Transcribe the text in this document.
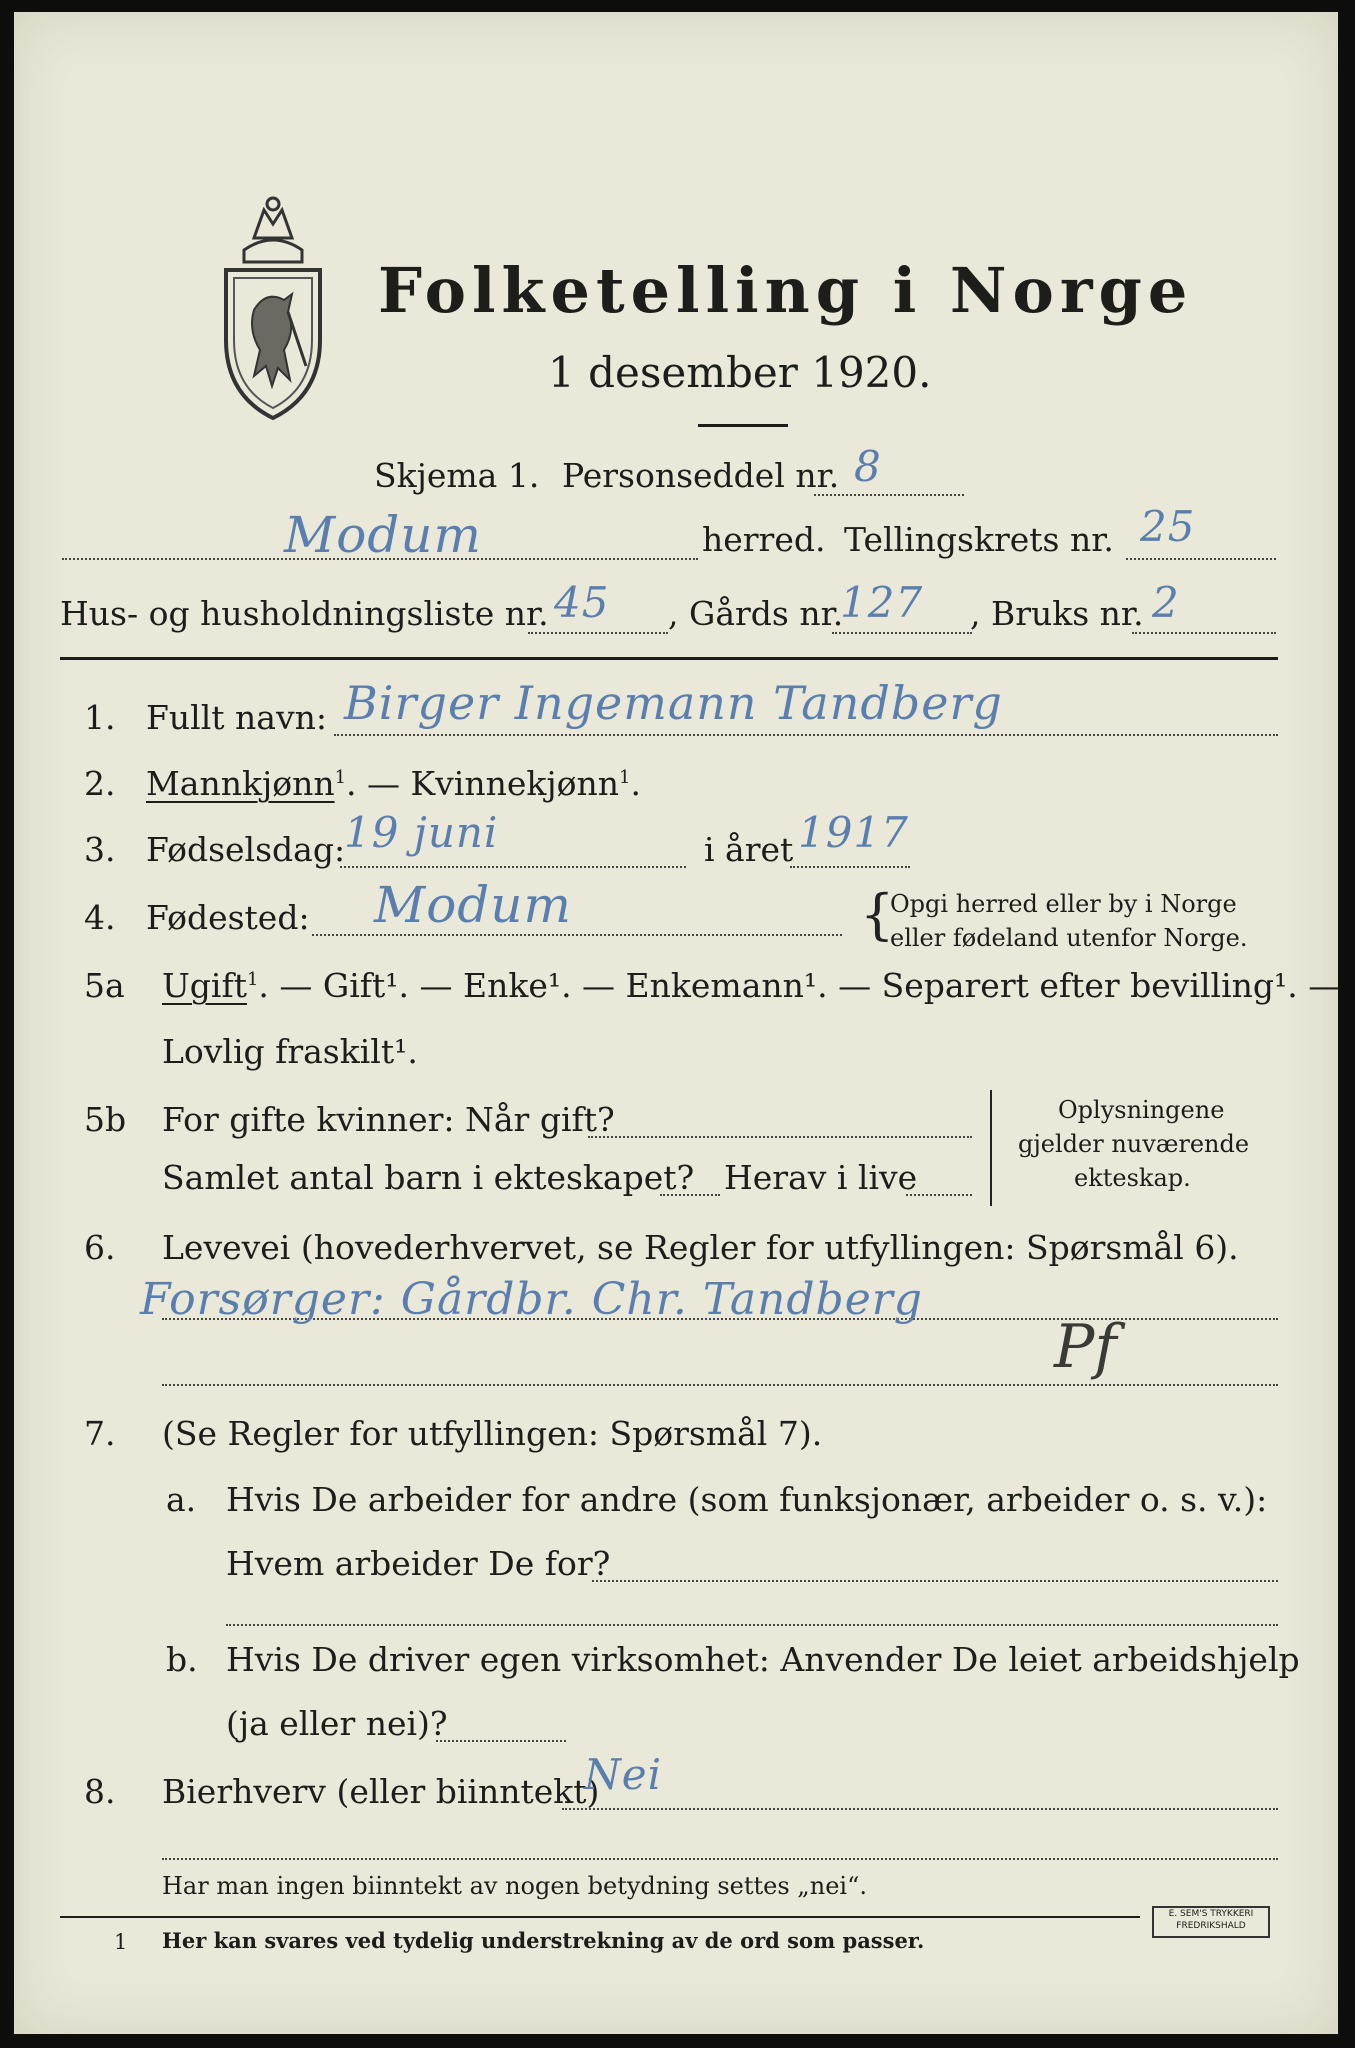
Folketelling i Norge
1 desember 1920.
Skjema 1. Personseddel nr. 8
Modum	herred. Tellingskrets nr. 25
Hus- og husholdningsliste nr. 45 , Gårds nr.
127 , Bruks nr. 2
1. Fullt navn: Birger Ingemann Tandberg
2. Mannkjønn$^1$. — Kvinnekjønn$^1$.
3. Fødselsdag:
19 juni	i året 1917
4. Fødested: Modum	{
Opgi herred eller by i Norge
eller fødeland utenfor Norge.
5a Ugift$^1$. — Gift¹. — Enke¹. — Enkemann¹. — Separert efter bevilling¹. —
Lovlig fraskilt¹.
5b For gifte kvinner: Når gift?
Samlet antal barn i ekteskapet? Herav i live
Oplysningene
gjelder nuværende
ekteskap.
6. Levevei (hovederhvervet, se Regler for utfyllingen: Spørsmål 6).
Forsørger: Gårdbr. Chr. Tandberg
Pf
7. (Se Regler for utfyllingen: Spørsmål 7).
a. Hvis De arbeider for andre (som funksjonær, arbeider o. s. v.):
Hvem arbeider De for?
b. Hvis De driver egen virksomhet: Anvender De leiet arbeidshjelp
(ja eller nei)?
8. Bierhverv (eller biinntekt)
Nei
Har man ingen biinntekt av nogen betydning settes „nei“.
1 Her kan svares ved tydelig understrekning av de ord som passer.
E. SEM'S TRYKKERI FREDRIKSHALD
